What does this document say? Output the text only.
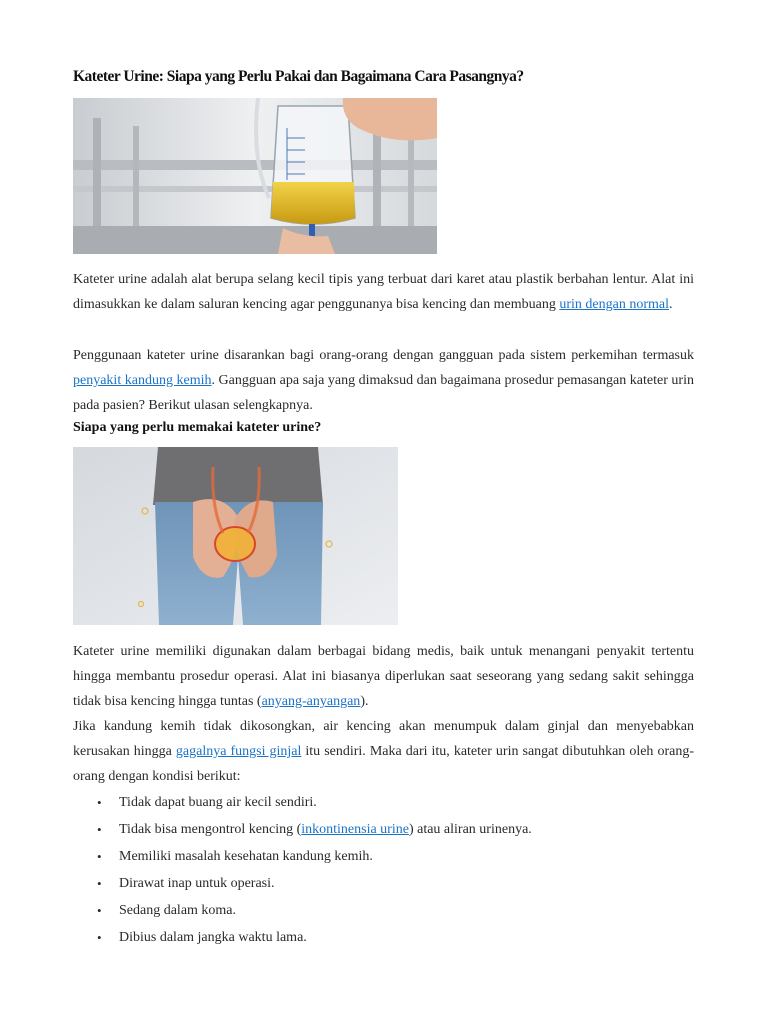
Kateter Urine: Siapa yang Perlu Pakai dan Bagaimana Cara Pasangnya?
Kateter urine adalah alat berupa selang kecil tipis yang terbuat dari karet atau plastik berbahan lentur. Alat ini dimasukkan ke dalam saluran kencing agar penggunanya bisa kencing dan membuang urin dengan normal.
Penggunaan kateter urine disarankan bagi orang-orang dengan gangguan pada sistem perkemihan termasuk penyakit kandung kemih. Gangguan apa saja yang dimaksud dan bagaimana prosedur pemasangan kateter urin pada pasien? Berikut ulasan selengkapnya.
Siapa yang perlu memakai kateter urine?
Kateter urine memiliki digunakan dalam berbagai bidang medis, baik untuk menangani penyakit tertentu hingga membantu prosedur operasi. Alat ini biasanya diperlukan saat seseorang yang sedang sakit sehingga tidak bisa kencing hingga tuntas (anyang-anyangan).
Jika kandung kemih tidak dikosongkan, air kencing akan menumpuk dalam ginjal dan menyebabkan kerusakan hingga gagalnya fungsi ginjal itu sendiri. Maka dari itu, kateter urin sangat dibutuhkan oleh orang-orang dengan kondisi berikut:
• Tidak dapat buang air kecil sendiri.
• Tidak bisa mengontrol kencing (inkontinensia urine) atau aliran urinenya.
• Memiliki masalah kesehatan kandung kemih.
• Dirawat inap untuk operasi.
• Sedang dalam koma.
• Dibius dalam jangka waktu lama.
